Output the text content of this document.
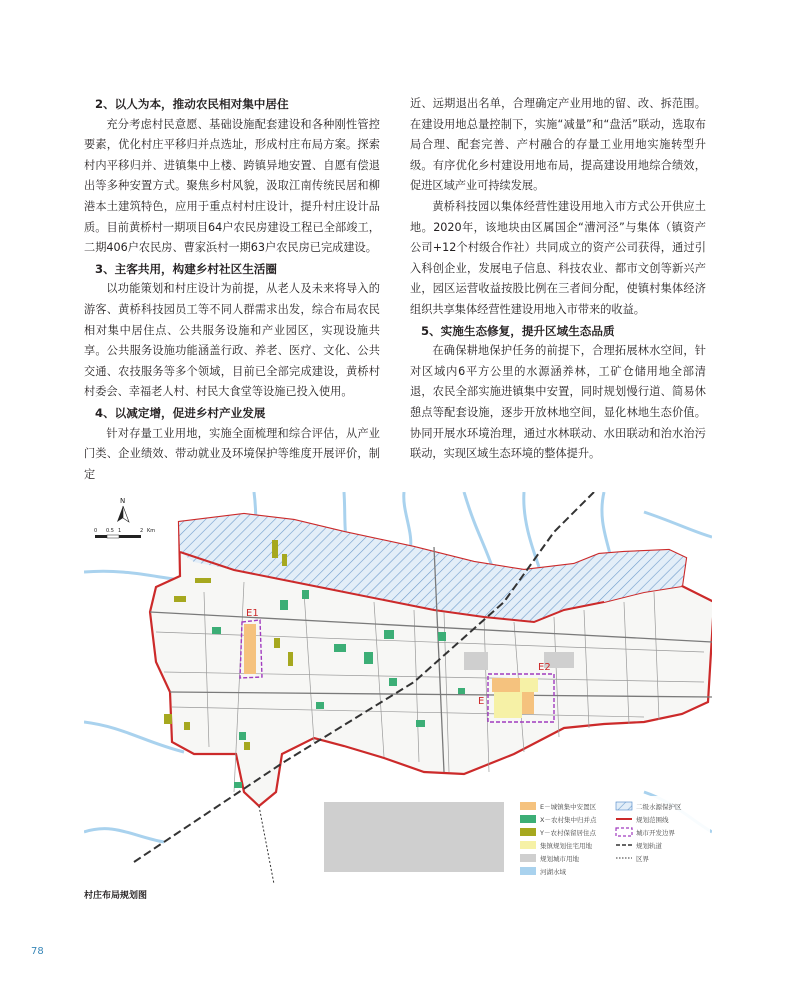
2、以人为本，推动农民相对集中居住

充分考虑村民意愿、基础设施配套建设和各种刚性管控要素，优化村庄平移归并点选址，形成村庄布局方案。探索村内平移归并、进镇集中上楼、跨镇异地安置、自愿有偿退出等多种安置方式。聚焦乡村风貌，汲取江南传统民居和柳港本土建筑特色，应用于重点村村庄设计，提升村庄设计品质。目前黄桥村一期项目64户农民房建设工程已全部竣工，二期406户农民房、曹家浜村一期63户农民房已完成建设。

3、主客共用，构建乡村社区生活圈

以功能策划和村庄设计为前提，从老人及未来将导入的游客、黄桥科技园员工等不同人群需求出发，综合布局农民相对集中居住点、公共服务设施和产业园区，实现设施共享。公共服务设施功能涵盖行政、养老、医疗、文化、公共交通、农技服务等多个领域，目前已全部完成建设，黄桥村村委会、幸福老人村、村民大食堂等设施已投入使用。

4、以减定增，促进乡村产业发展

针对存量工业用地，实施全面梳理和综合评估，从产业门类、企业绩效、带动就业及环境保护等维度开展评价，制定

近、远期退出名单，合理确定产业用地的留、改、拆范围。在建设用地总量控制下，实施“减量”和“盘活”联动，选取布局合理、配套完善、产村融合的存量工业用地实施转型升级。有序优化乡村建设用地布局，提高建设用地综合绩效，促进区域产业可持续发展。

黄桥科技园以集体经营性建设用地入市方式公开供应土地。2020年，该地块由区属国企“漕河泾”与集体（镇资产公司+12个村级合作社）共同成立的资产公司获得，通过引入科创企业，发展电子信息、科技农业、都市文创等新兴产业，园区运营收益按股比例在三者间分配，使镇村集体经济组织共享集体经营性建设用地入市带来的收益。

5、实施生态修复，提升区域生态品质

在确保耕地保护任务的前提下，合理拓展林水空间，针对区域内6平方公里的水源涵养林，工矿仓储用地全部清退，农民全部实施进镇集中安置，同时规划慢行道、简易休憩点等配套设施，逐步开放林地空间，显化林地生态价值。协同开展水环境治理，通过水林联动、水田联动和治水治污联动，实现区域生态环境的整体提升。

E1
E2
E
N
0 0.5 1	2 Km
E－城镇集中安置区
X－农村集中归并点
Y－农村保留居住点
集镇规划住宅用地
规划城市用地
河湖水域
二级水源保护区
规划范围线
城市开发边界
规划轨道
区界
村庄布局规划图
78
